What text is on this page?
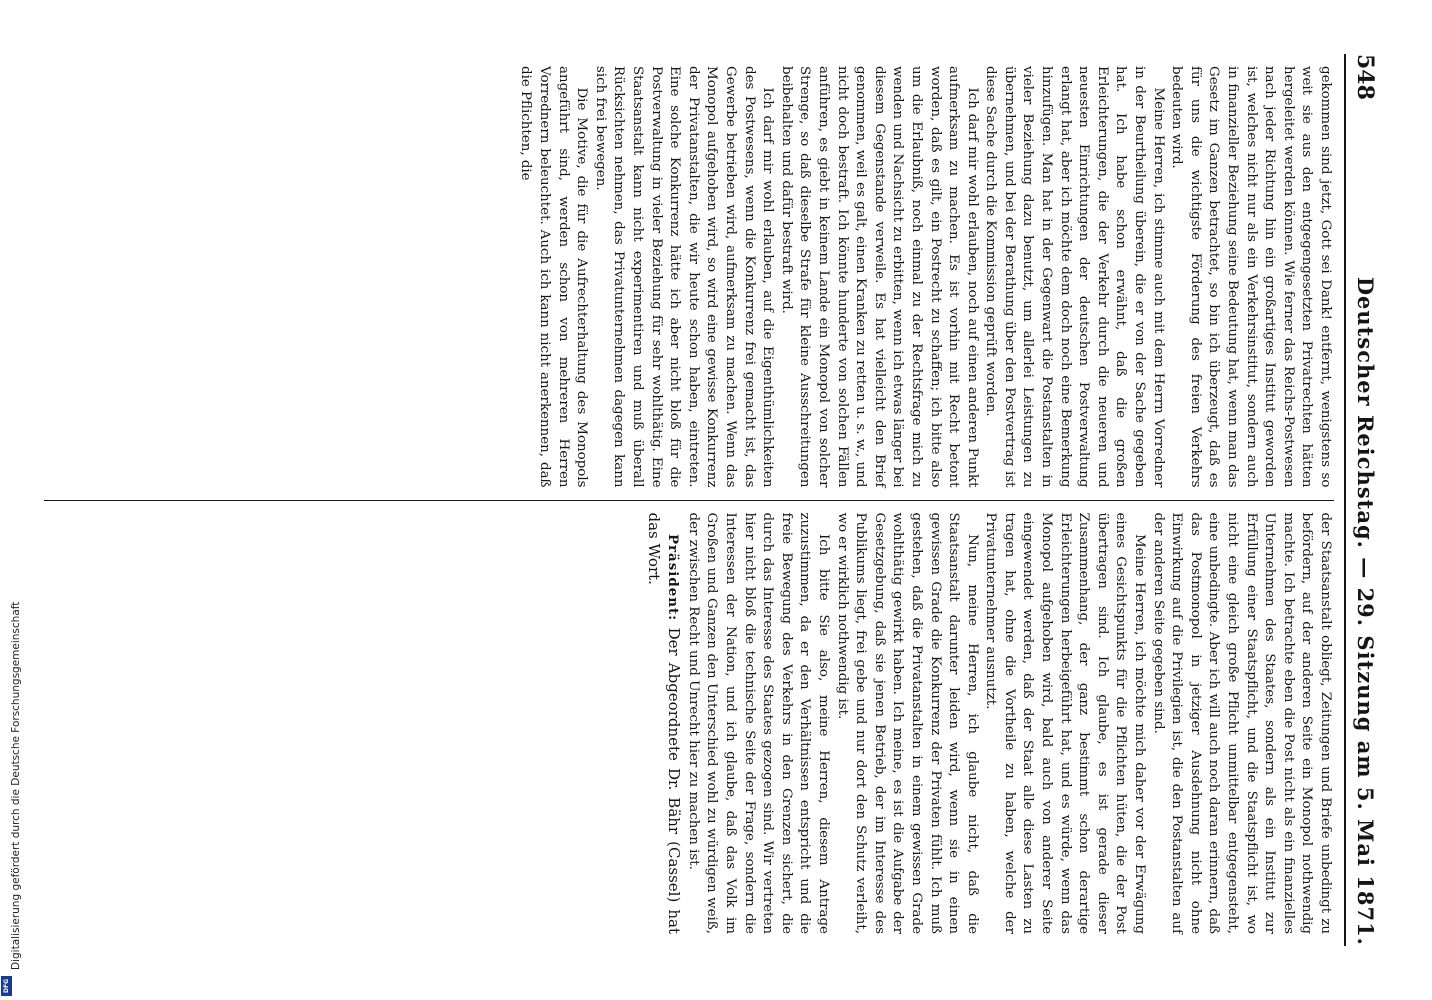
548
Deutscher Reichstag. — 29. Sitzung am 5. Mai 1871.

gekommen sind jetzt, Gott sei Dank! entfernt, wenigstens so weit sie aus den entgegengesetzten Privatrechten hätten hergeleitet werden können. Wie ferner das Reichs-Postwesen nach jeder Richtung hin ein großartiges Institut geworden ist, welches nicht nur als ein Verkehrsinstitut, sondern auch in finanzieller Beziehung seine Bedeutung hat, wenn man das Gesetz im Ganzen betrachtet, so bin ich überzeugt, daß es für uns die wichtigste Förderung des freien Verkehrs bedeuten wird.

Meine Herren, ich stimme auch mit dem Herrn Vorredner in der Beurtheilung überein, die er von der Sache gegeben hat. Ich habe schon erwähnt, daß die großen Erleichterungen, die der Verkehr durch die neueren und neuesten Einrichtungen der deutschen Postverwaltung erlangt hat, aber ich möchte dem doch noch eine Bemerkung hinzufügen. Man hat in der Gegenwart die Postanstalten in vieler Beziehung dazu benutzt, um allerlei Leistungen zu übernehmen, und bei der Berathung über den Postvertrag ist diese Sache durch die Kommission geprüft worden.

Ich darf mir wohl erlauben, noch auf einen anderen Punkt aufmerksam zu machen. Es ist vorhin mit Recht betont worden, daß es gilt, ein Postrecht zu schaffen; ich bitte also um die Erlaubniß, noch einmal zu der Rechtsfrage mich zu wenden und Nachsicht zu erbitten, wenn ich etwas länger bei diesem Gegenstande verweile. Es hat vielleicht den Brief genommen, weil es galt, einen Kranken zu retten u. s. w., und nicht doch bestraft. Ich könnte hunderte von solchen Fällen anführen, es giebt in keinem Lande ein Monopol von solcher Strenge, so daß dieselbe Strafe für kleine Ausschreitungen beibehalten und dafür bestraft wird.

Ich darf mir wohl erlauben, auf die Eigenthümlichkeiten des Postwesens, wenn die Konkurrenz frei gemacht ist, das Gewerbe betrieben wird, aufmerksam zu machen. Wenn das Monopol aufgehoben wird, so wird eine gewisse Konkurrenz der Privatanstalten, die wir heute schon haben, eintreten. Eine solche Konkurrenz hätte ich aber nicht bloß für die Postverwaltung in vieler Beziehung für sehr wohlthätig. Eine Staatsanstalt kann nicht experimentiren und muß überall Rücksichten nehmen, das Privatunternehmen dagegen kann sich frei bewegen.

Die Motive, die für die Aufrechterhaltung des Monopols angeführt sind, werden schon von mehreren Herren Vorrednern beleuchtet. Auch ich kann nicht anerkennen, daß die Pflichten, die

der Staatsanstalt obliegt, Zeitungen und Briefe unbedingt zu befördern, auf der anderen Seite ein Monopol nothwendig machte. Ich betrachte eben die Post nicht als ein finanzielles Unternehmen des Staates, sondern als ein Institut zur Erfüllung einer Staatspflicht, und die Staatspflicht ist, wo nicht eine gleich große Pflicht unmittelbar entgegensteht, eine unbedingte. Aber ich will auch noch daran erinnern, daß das Postmonopol in jetziger Ausdehnung nicht ohne Einwirkung auf die Privilegien ist, die den Postanstalten auf der anderen Seite gegeben sind.

Meine Herren, ich möchte mich daher vor der Erwägung eines Gesichtspunkts für die Pflichten hüten, die der Post übertragen sind. Ich glaube, es ist gerade dieser Zusammenhang, der ganz bestimmt schon derartige Erleichterungen herbeigeführt hat, und es würde, wenn das Monopol aufgehoben wird, bald auch von anderer Seite eingewendet werden, daß der Staat alle diese Lasten zu tragen hat, ohne die Vortheile zu haben, welche der Privatunternehmer ausnutzt.

Nun, meine Herren, ich glaube nicht, daß die Staatsanstalt darunter leiden wird, wenn sie in einen gewissen Grade die Konkurrenz der Privaten fühlt. Ich muß gestehen, daß die Privatanstalten in einem gewissen Grade wohlthätig gewirkt haben. Ich meine, es ist die Aufgabe der Gesetzgebung, daß sie jenen Betrieb, der im Interesse des Publikums liegt, frei gebe und nur dort den Schutz verleiht, wo er wirklich nothwendig ist.

Ich bitte Sie also, meine Herren, diesem Antrage zuzustimmen, da er den Verhältnissen entspricht und die freie Bewegung des Verkehrs in den Grenzen sichert, die durch das Interesse des Staates gezogen sind. Wir vertreten hier nicht bloß die technische Seite der Frage, sondern die Interessen der Nation, und ich glaube, daß das Volk im Großen und Ganzen den Unterschied wohl zu würdigen weiß, der zwischen Recht und Unrecht hier zu machen ist.

Präsident: Der Abgeordnete Dr. Bähr (Cassel) hat das Wort.

Digitalisierung gefördert durch die Deutsche Forschungsgemeinschaft
DFG
